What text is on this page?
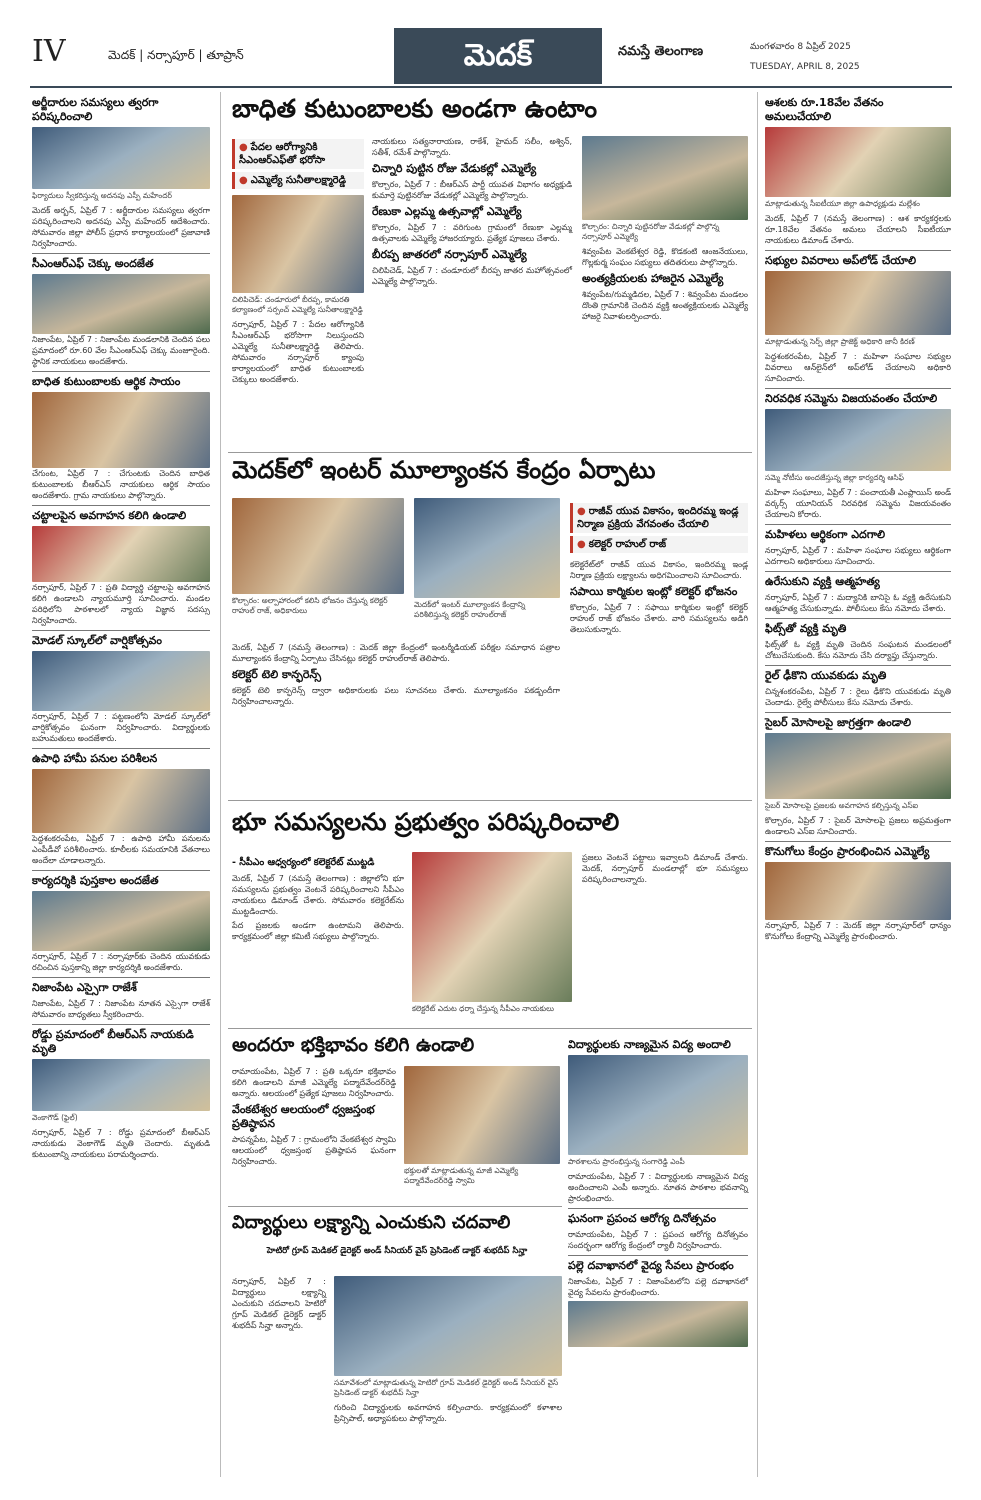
IV	మెదక్ | నర్సాపూర్ | తూప్రాన్	మెదక్	నమస్తే తెలంగాణ	మంగళవారం 8 ఏప్రిల్ 2025
TUESDAY, APRIL 8, 2025
అర్జీదారుల సమస్యలు త్వరగా పరిష్కరించాలి
ఫిర్యాదులు స్వీకరిస్తున్న అదనపు ఎస్పీ మహేందర్
మెదక్ అర్బన్, ఏప్రిల్ 7 : అర్జీదారుల సమస్యలు త్వరగా పరిష్కరించాలని అదనపు ఎస్పీ మహేందర్ ఆదేశించారు. సోమవారం జిల్లా పోలీస్ ప్రధాన కార్యాలయంలో ప్రజావాణి నిర్వహించారు.
సీఎంఆర్ఎఫ్ చెక్కు అందజేత
నిజాంపేట, ఏప్రిల్ 7 : నిజాంపేట మండలానికి చెందిన పలు ప్రమాదంలో రూ.60 వేల సీఎంఆర్ఎఫ్ చెక్కు మంజూరైంది. స్థానిక నాయకులు అందజేశారు.
బాధిత కుటుంబాలకు ఆర్థిక సాయం
చేగుంట, ఏప్రిల్ 7 : చేగుంటకు చెందిన బాధిత కుటుంబాలకు బీఆర్ఎస్ నాయకులు ఆర్థిక సాయం అందజేశారు. గ్రామ నాయకులు పాల్గొన్నారు.
చట్టాలపైన అవగాహన కలిగి ఉండాలి
నర్సాపూర్, ఏప్రిల్ 7 : ప్రతి విద్యార్థి చట్టాలపై అవగాహన కలిగి ఉండాలని న్యాయమూర్తి సూచించారు. మండల పరిధిలోని పాఠశాలలో న్యాయ విజ్ఞాన సదస్సు నిర్వహించారు.
మోడల్ స్కూల్‌లో వార్షికోత్సవం
నర్సాపూర్, ఏప్రిల్ 7 : పట్టణంలోని మోడల్ స్కూల్‌లో వార్షికోత్సవం ఘనంగా నిర్వహించారు. విద్యార్థులకు బహుమతులు అందజేశారు.
ఉపాధి హామీ పనుల పరిశీలన
పెద్దశంకరంపేట, ఏప్రిల్ 7 : ఉపాధి హామీ పనులను ఎంపీడీవో పరిశీలించారు. కూలీలకు సమయానికి వేతనాలు అందేలా చూడాలన్నారు.
కార్యదర్శికి పుస్తకాల అందజేత
నర్సాపూర్, ఏప్రిల్ 7 : నర్సాపూర్‌కు చెందిన యువకుడు రచించిన పుస్తకాన్ని జిల్లా కార్యదర్శికి అందజేశారు.
నిజాంపేట ఎస్సైగా రాజేశ్
నిజాంపేట, ఏప్రిల్ 7 : నిజాంపేట నూతన ఎస్సైగా రాజేశ్ సోమవారం బాధ్యతలు స్వీకరించారు.
రోడ్డు ప్రమాదంలో బీఆర్ఎస్ నాయకుడి మృతి
వెంకాగౌడ్ (ఫైల్)
నర్సాపూర్, ఏప్రిల్ 7 : రోడ్డు ప్రమాదంలో బీఆర్ఎస్ నాయకుడు వెంకాగౌడ్ మృతి చెందారు. మృతుడి కుటుంబాన్ని నాయకులు పరామర్శించారు.
బాధిత కుటుంబాలకు అండగా ఉంటాం
● పేదల ఆరోగ్యానికి సీఎంఆర్ఎఫ్‌తో భరోసా
● ఎమ్మెల్యే సునీతాలక్ష్మారెడ్డి
చిలిపిచెడ్: చండూరులో బీరప్ప, కామరతి కల్యాణంలో సర్పంచ్ ఎమ్మెల్యే సునీతాలక్ష్మారెడ్డి
నర్సాపూర్, ఏప్రిల్ 7 : పేదల ఆరోగ్యానికి సీఎంఆర్ఎఫ్ భరోసాగా నిలుస్తుందని ఎమ్మెల్యే సునీతాలక్ష్మారెడ్డి తెలిపారు. సోమవారం నర్సాపూర్ క్యాంపు కార్యాలయంలో బాధిత కుటుంబాలకు చెక్కులు అందజేశారు.
నాయకులు సత్యనారాయణ, రాకేశ్, హైమద్ సలీం, అశ్విన్, సతీశ్, రమేశ్ పాల్గొన్నారు.
చిన్నారి పుట్టిన రోజు వేడుకల్లో ఎమ్మెల్యే
కొల్చారం, ఏప్రిల్ 7 : బీఆర్ఎస్ పార్టీ యువత విభాగం అధ్యక్షుడి కుమార్తె పుట్టినరోజు వేడుకల్లో ఎమ్మెల్యే పాల్గొన్నారు.
రేణుకా ఎల్లమ్మ ఉత్సవాల్లో ఎమ్మెల్యే
కొల్చారం, ఏప్రిల్ 7 : వరిగుంట గ్రామంలో రేణుకా ఎల్లమ్మ ఉత్సవాలకు ఎమ్మెల్యే హాజరయ్యారు. ప్రత్యేక పూజలు చేశారు.
బీరప్ప జాతరలో నర్సాపూర్ ఎమ్మెల్యే
చిలిపిచెడ్, ఏప్రిల్ 7 : చండూరులో బీరప్ప జాతర మహోత్సవంలో ఎమ్మెల్యే పాల్గొన్నారు.
కొల్చారం: చిన్నారి పుట్టినరోజు వేడుకల్లో పాల్గొన్న నర్సాపూర్ ఎమ్మెల్యే
శివ్వంపేట వెంకటేశ్వర రెడ్డి, కొడకంటి ఆంజనేయులు, గొల్లకుర్మ సంఘం సభ్యులు తదితరులు పాల్గొన్నారు.
అంత్యక్రియలకు హాజరైన ఎమ్మెల్యే
శివ్వంపేట/గుమ్మడిదల, ఏప్రిల్ 7 : శివ్వంపేట మండలం దొంతి గ్రామానికి చెందిన వ్యక్తి అంత్యక్రియలకు ఎమ్మెల్యే హాజరై నివాళులర్పించారు.
మెదక్‌లో ఇంటర్ మూల్యాంకన కేంద్రం ఏర్పాటు
కొల్చారం: అల్పాహారంలో కలిసి భోజనం చేస్తున్న కలెక్టర్ రాహుల్ రాజ్, అధికారులు
మెదక్‌లో ఇంటర్ మూల్యాంకన కేంద్రాన్ని పరిశీలిస్తున్న కలెక్టర్ రాహుల్‌రాజ్
● రాజీవ్ యువ వికాసం, ఇందిరమ్మ ఇండ్ల నిర్మాణ ప్రక్రియ వేగవంతం చేయాలి
● కలెక్టర్ రాహుల్ రాజ్
కలెక్టరేట్‌లో రాజీవ్ యువ వికాసం, ఇందిరమ్మ ఇండ్ల నిర్మాణ ప్రక్రియ లక్ష్యాలను అధిగమించాలని సూచించారు.
సపాయి కార్మికుల ఇంట్లో కలెక్టర్ భోజనం
కొల్చారం, ఏప్రిల్ 7 : సఫాయి కార్మికుల ఇంట్లో కలెక్టర్ రాహుల్ రాజ్ భోజనం చేశారు. వారి సమస్యలను అడిగి తెలుసుకున్నారు.
మెదక్, ఏప్రిల్ 7 (నమస్తే తెలంగాణ) : మెదక్ జిల్లా కేంద్రంలో ఇంటర్మీడియట్ పరీక్షల సమాధాన పత్రాల మూల్యాంకన కేంద్రాన్ని ఏర్పాటు చేసినట్లు కలెక్టర్ రాహుల్‌రాజ్ తెలిపారు.
కలెక్టర్ టెలి కాన్ఫరెన్స్
కలెక్టర్ టెలి కాన్ఫరెన్స్ ద్వారా అధికారులకు పలు సూచనలు చేశారు. మూల్యాంకనం పకడ్బందీగా నిర్వహించాలన్నారు.
భూ సమస్యలను ప్రభుత్వం పరిష్కరించాలి
- సీపీఎం ఆధ్వర్యంలో కలెక్టరేట్ ముట్టడి
మెదక్, ఏప్రిల్ 7 (నమస్తే తెలంగాణ) : జిల్లాలోని భూ సమస్యలను ప్రభుత్వం వెంటనే పరిష్కరించాలని సీపీఎం నాయకులు డిమాండ్ చేశారు. సోమవారం కలెక్టరేట్‌ను ముట్టడించారు.
పేద ప్రజలకు అండగా ఉంటామని తెలిపారు. కార్యక్రమంలో జిల్లా కమిటీ సభ్యులు పాల్గొన్నారు.
కలెక్టరేట్ ఎదుట ధర్నా చేస్తున్న సీపీఎం నాయకులు
ప్రజలు వెంటనే పట్టాలు ఇవ్వాలని డిమాండ్ చేశారు. మెదక్, నర్సాపూర్ మండలాల్లో భూ సమస్యలు పరిష్కరించాలన్నారు.
అందరూ భక్తిభావం కలిగి ఉండాలి
రామాయంపేట, ఏప్రిల్ 7 : ప్రతి ఒక్కరూ భక్తిభావం కలిగి ఉండాలని మాజీ ఎమ్మెల్యే పద్మాదేవేందర్‌రెడ్డి అన్నారు. ఆలయంలో ప్రత్యేక పూజలు నిర్వహించారు.
వేంకటేశ్వర ఆలయంలో ధ్వజస్తంభ ప్రతిష్ఠాపన
పాపన్నపేట, ఏప్రిల్ 7 : గ్రామంలోని వేంకటేశ్వర స్వామి ఆలయంలో ధ్వజస్తంభ ప్రతిష్ఠాపన ఘనంగా నిర్వహించారు.
భక్తులతో మాట్లాడుతున్న మాజీ ఎమ్మెల్యే పద్మాదేవేందర్‌రెడ్డి స్వామి
విద్యార్థులకు నాణ్యమైన విద్య అందాలి
పాఠశాలను ప్రారంభిస్తున్న సంగారెడ్డి ఎంపీ
రామాయంపేట, ఏప్రిల్ 7 : విద్యార్థులకు నాణ్యమైన విద్య అందించాలని ఎంపీ అన్నారు. నూతన పాఠశాల భవనాన్ని ప్రారంభించారు.
ఘనంగా ప్రపంచ ఆరోగ్య దినోత్సవం
రామాయంపేట, ఏప్రిల్ 7 : ప్రపంచ ఆరోగ్య దినోత్సవం సందర్భంగా ఆరోగ్య కేంద్రంలో ర్యాలీ నిర్వహించారు.
పల్లె దవాఖానలో వైద్య సేవలు ప్రారంభం
నిజాంపేట, ఏప్రిల్ 7 : నిజాంపేటలోని పల్లె దవాఖానలో వైద్య సేవలను ప్రారంభించారు.
విద్యార్థులు లక్ష్యాన్ని ఎంచుకుని చదవాలి
హెటిరో గ్రూప్ మెడికల్ డైరెక్టర్ అండ్ సీనియర్ వైస్ ప్రెసిడెంట్ డాక్టర్ శుభదీప్ సిన్హా
నర్సాపూర్, ఏప్రిల్ 7 : విద్యార్థులు లక్ష్యాన్ని ఎంచుకుని చదవాలని హెటిరో గ్రూప్ మెడికల్ డైరెక్టర్ డాక్టర్ శుభదీప్ సిన్హా అన్నారు.
సమావేశంలో మాట్లాడుతున్న హెటిరో గ్రూప్ మెడికల్ డైరెక్టర్ అండ్ సీనియర్ వైస్ ప్రెసిడెంట్ డాక్టర్ శుభదీప్ సిన్హా
గురించి విద్యార్థులకు అవగాహన కల్పించారు. కార్యక్రమంలో కళాశాల ప్రిన్సిపాల్, అధ్యాపకులు పాల్గొన్నారు.
ఆశలకు రూ.18వేల వేతనం అమలుచేయాలి
మాట్లాడుతున్న సీఐటీయూ జిల్లా ఉపాధ్యక్షుడు మల్లేశం
మెదక్, ఏప్రిల్ 7 (నమస్తే తెలంగాణ) : ఆశ కార్యకర్తలకు రూ.18వేల వేతనం అమలు చేయాలని సీఐటీయూ నాయకులు డిమాండ్ చేశారు.
సభ్యుల వివరాలు అప్‌లోడ్ చేయాలి
మాట్లాడుతున్న సెర్ప్ జిల్లా ప్రాజెక్ట్ అధికారి జానీ కిరణ్
పెద్దశంకరంపేట, ఏప్రిల్ 7 : మహిళా సంఘాల సభ్యుల వివరాలు ఆన్‌లైన్‌లో అప్‌లోడ్ చేయాలని అధికారి సూచించారు.
నిరవధిక సమ్మెను విజయవంతం చేయాలి
సమ్మె నోటీసు అందజేస్తున్న జిల్లా కార్యదర్శి ఆసిఫ్
మహిళా సంఘాలు, ఏప్రిల్ 7 : పంచాయతీ ఎంప్లాయిస్ అండ్ వర్కర్స్ యూనియన్ నిరవధిక సమ్మెను విజయవంతం చేయాలని కోరారు.
మహిళలు ఆర్థికంగా ఎదగాలి
నర్సాపూర్, ఏప్రిల్ 7 : మహిళా సంఘాల సభ్యులు ఆర్థికంగా ఎదగాలని అధికారులు సూచించారు.
ఉరేసుకుని వ్యక్తి ఆత్మహత్య
నర్సాపూర్, ఏప్రిల్ 7 : మద్యానికి బానిసై ఓ వ్యక్తి ఉరేసుకుని ఆత్మహత్య చేసుకున్నాడు. పోలీసులు కేసు నమోదు చేశారు.
ఫిట్స్‌తో వ్యక్తి మృతి
ఫిట్స్‌తో ఓ వ్యక్తి మృతి చెందిన సంఘటన మండలంలో చోటుచేసుకుంది. కేసు నమోదు చేసి దర్యాప్తు చేస్తున్నారు.
రైల్ ఢీకొని యువకుడు మృతి
చిన్నశంకరంపేట, ఏప్రిల్ 7 : రైలు ఢీకొని యువకుడు మృతి చెందాడు. రైల్వే పోలీసులు కేసు నమోదు చేశారు.
సైబర్ మోసాలపై జాగ్రత్తగా ఉండాలి
సైబర్ మోసాలపై ప్రజలకు అవగాహన కల్పిస్తున్న ఎస్ఐ
కొల్చారం, ఏప్రిల్ 7 : సైబర్ మోసాలపై ప్రజలు అప్రమత్తంగా ఉండాలని ఎస్ఐ సూచించారు.
కొనుగోలు కేంద్రం ప్రారంభించిన ఎమ్మెల్యే
నర్సాపూర్, ఏప్రిల్ 7 : మెదక్ జిల్లా నర్సాపూర్‌లో ధాన్యం కొనుగోలు కేంద్రాన్ని ఎమ్మెల్యే ప్రారంభించారు.
